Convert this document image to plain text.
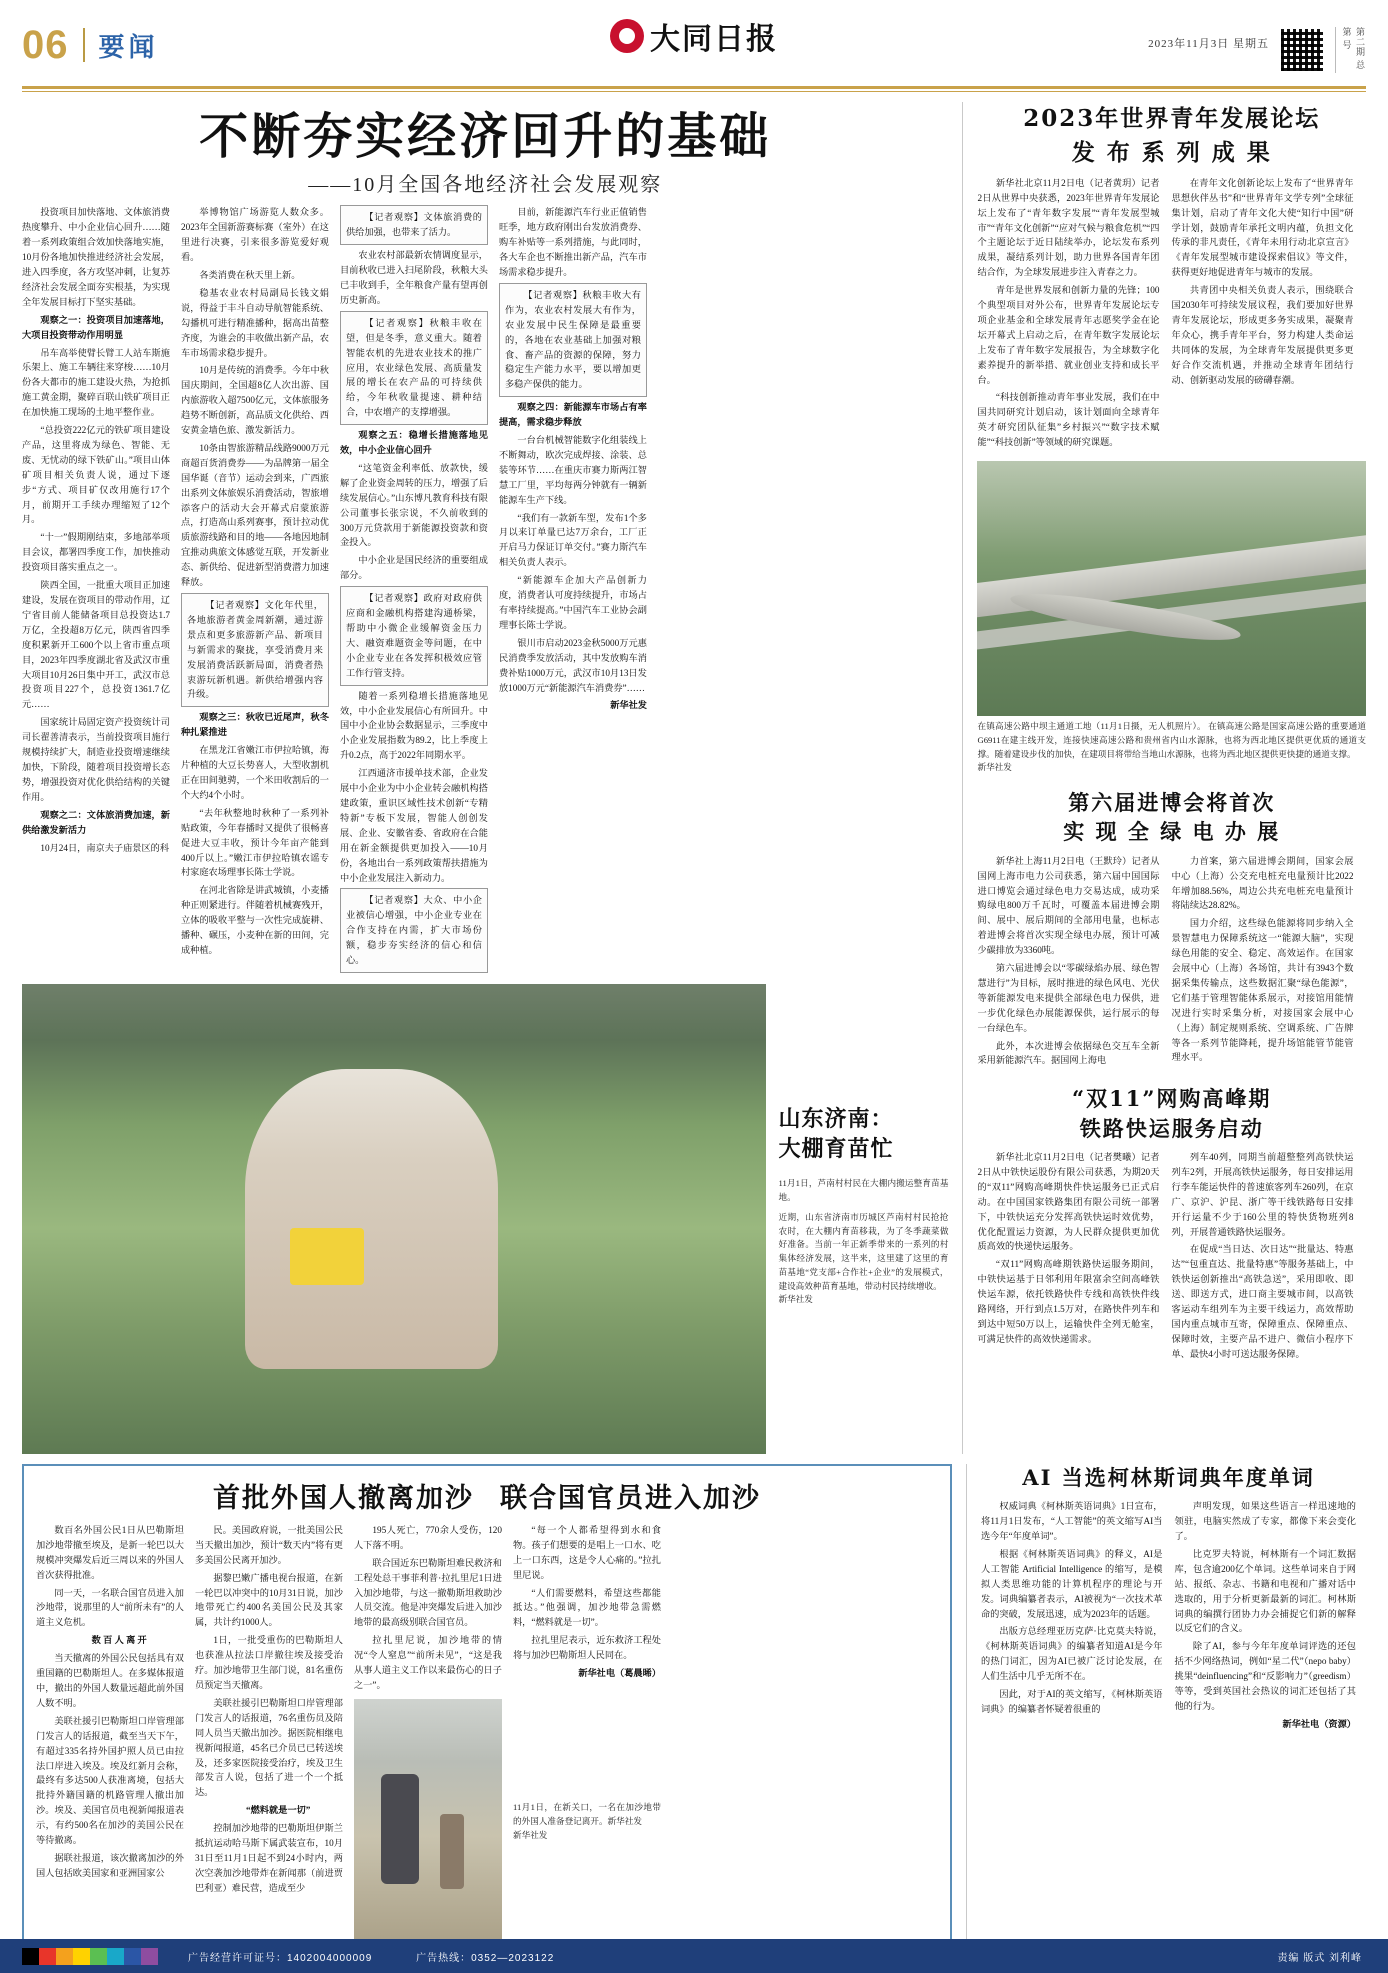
06 要闻	大同日报	2023年11月3日 星期五	第二期 总第 号
不断夯实经济回升的基础
——10月全国各地经济社会发展观察

投资项目加快落地、文体旅消费热度攀升、中小企业信心回升……随着一系列政策组合效加快落地实施，10月份各地加快推进经济社会发展，进入四季度，各方攻坚冲刺，让复苏经济社会发展全面夯实根基，为实现全年发展目标打下坚实基础。

观察之一：投资项目加速落地，大项目投资带动作用明显

吊车高举使臂长臂工人站车斯施乐架上、施工车辆往来穿梭……10月份各大都市的施工建设火热，为抢抓施工黄金期，聚碎百联山铁矿项目正在加快施工现场的土地平整作业。

“总投资222亿元的铁矿项目建设产品，这里将成为绿色、智能、无废、无忧动的绿下铁矿山。”项目山体矿项目相关负责人说，通过下逐步“方式、项目矿仅改用施行17个月，前期开工手续办理缩短了12个月。

“十一”假期刚结束，多地部举项目会议，都署四季度工作，加快推动投资项目落实重点之一。

陕西全国，一批重大项目正加速建设，发展在资项目的带动作用，辽宁省目前人能储备项目总投资达1.7万亿，全投超8万亿元，陕西省四季度积累新开工600个以上省市重点项目，2023年四季度湖北省及武汉市重大项目10月26日集中开工，武汉市总投资项目227个，总投资1361.7亿元……

国家统计局固定资产投资统计司司长翟善清表示，当前投资项目施行规模持续扩大，制造业投资增速继续加快，下阶段，随着项目投资增长态势，增强投资对优化供给结构的关键作用。

观察之二：文体旅消费加速，新供给激发新活力

10月24日，南京夫子庙景区的科

举博物馆广场游览人数众多。2023年全国新游赛标赛（室外）在这里进行决赛，引来很多游览爱好观看。

各类消费在秋天里上新。

稳基农业农村局副局长钱文娟说，得益于丰斗自动导航智能系统、勾播机可进行精准播种，据高出苗整齐度，为谁会的丰收做出新产品，农车市场需求稳步提升。

10月是传统的消费季。今年中秋国庆期间，全国超8亿人次出游、国内旅游收入超7500亿元，文体旅服务趋势不断创新，高品质文化供给、西安黄金墙色旅、激发新活力。

10条由智旅游精品线路9000万元商超百货消费券——为品牌第一届全国华诞（音节）运动会到来，广西旅出系列文体旅娱乐消费活动，智旅增添客户的活动大会开幕式启蒙旅游点，打造高山系列赛事，预计拉动优质旅游线路和目的地——各地因地制宜推动典旅文体感觉互联，开发新业态、新供给、促进新型消费潜力加速释放。

【记者观察】文化年代里，各地旅游者黄金周新潮，通过游景点和更多旅游新产品、新项目与新需求的聚拢，享受消费月来发展消费活跃新局面，消费者热衷游玩新机遇。新供给增强内容升级。

观察之三：秋收已近尾声，秋冬种扎紧推进

在黑龙江省嫩江市伊拉哈镇，海片种植的大豆长势喜人，大型收割机正在田间驰骋，一个米田收割后的一个大约4个小时。

“去年秋整地时秋种了一系列补贴政策，今年春播时又提供了很畅喜促进大豆丰收，预计今年亩产能到400斤以上。”嫩江市伊拉哈镇农谣专村家庭农场理事长陈士学说。

在河北省除是讲武城镇，小麦播种正则紧进行。伴随着机械赛残开，立体的吸收平整与一次性完成旋耕、播种、碾压，小麦种在新的田间，完成种植。

【记者观察】文体旅消费的供给加强，也带来了活力。

农业农村部最新农情调度显示，目前秋收已进入扫尾阶段，秋粮大头已丰收到手，全年粮食产量有望再创历史新高。

【记者观察】秋粮丰收在望，但是冬季，意义重大。随着智能农机的先进农业技术的推广应用，农业绿色发展、高质量发展的增长在农产品的可持续供给，今年秋收量提速、耕种结合，中农增产的支撑增强。

观察之五：稳增长措施落地见效，中小企业信心回升

“这笔资金利率低、放款快，缓解了企业资金周转的压力，增强了后续发展信心。”山东博凡教育科技有限公司董事长张宗说，不久前收到的300万元贷款用于新能源投资款和资金投入。

中小企业是国民经济的重要组成部分。

【记者观察】政府对政府供应商和金融机构搭建沟通桥梁，帮助中小微企业缓解资金压力大、融资难题资金等问题，在中小企业专业在各发挥积极效应管工作行管支持。

随着一系列稳增长措施落地见效，中小企业发展信心有所回升。中国中小企业协会数据显示，三季度中小企业发展指数为89.2，比上季度上升0.2点，高于2022年同期水平。

江西通济市援单技术部，企业发展中小企业为中小企业转会融机构搭建政策，重识区域性技术创新“专精特新”专板下发展，智能人创创发展、企业、安徽省委、省政府在合能用在新金额提供更加投入——10月份，各地出台一系列政策帮扶措施为中小企业发展注入新动力。

【记者观察】大众、中小企业被信心增强，中小企业专业在合作支持在内需，扩大市场份额，稳步夯实经济的信心和信心。

目前，新能源汽车行业正值销售旺季，地方政府刚出台发放消费券、购车补贴等一系列措施，与此同时，各大车企也不断推出新产品，汽车市场需求稳步提升。

【记者观察】秋粮丰收大有作为，农业农村发展大有作为，农业发展中民生保障是最重要的，各地在农业基础上加强对粮食、畜产品的资源的保障，努力稳定生产能力水平，要以增加更多稳产保供的能力。

观察之四：新能源车市场占有率提高，需求稳步释放

一台台机械智能数字化组装线上不断舞动，欧次完成焊接、涂装、总装等环节……在重庆市赛力斯两江智慧工厂里，平均每两分钟就有一辆新能源车生产下线。

“我们有一款新车型，发布1个多月以来订单量已达7万余台，工厂正开启马力保证订单交付。”赛力斯汽车相关负责人表示。

“新能源车企加大产品创新力度，消费者认可度持续提升，市场占有率持续提高。”中国汽车工业协会副理事长陈士学说。

银川市启动2023金秋5000万元惠民消费季发放活动，其中发放购车消费补贴1000万元，武汉市10月13日发放1000万元“新能源汽车消费券”……

新华社发

山东济南：
大棚育苗忙
11月1日，芦南村村民在大棚内搬运整育苗基地。
近期，山东省济南市历城区芦南村村民抢抢农时，在大棚内育苗移栽，为了冬季蔬菜做好准备。当前一年正新季带来的一系列的村集体经济发展，这半来，这里建了这里的育苗基地“党支部+合作社+企业”的发展模式，建设高效种苗育基地，带动村民持续增收。
新华社发
2023年世界青年发展论坛
发 布 系 列 成 果

新华社北京11月2日电（记者黄玥）记者2日从世界中央获悉，2023年世界青年发展论坛上发布了“青年数字发展”“青年发展型城市”“青年文化创新”“应对气候与粮食危机”“四个主题论坛于近日陆续举办，论坛发布系列成果，凝结系列计划，助力世界各国青年团结合作，为全球发展进步注入青春之力。

青年是世界发展和创新力量的先锋；100个典型项目对外公布，世界青年发展论坛专项企业基金和全球发展青年志愿奖学金在论坛开幕式上启动之后，在青年数字发展论坛上发布了青年数字发展报告，为全球数字化素养提升的新举措、就业创业支持和成长平台。

“科技创新推动青年事业发展，我们在中国共同研究计划启动，该计划面向全球青年英才研究团队征集”乡村振兴”“数字技术赋能”“科技创新”等领域的研究课题。

在青年文化创新论坛上发布了“世界青年思想伙伴丛书”和“世界青年文学专列”全球征集计划，启动了青年文化大使“知行中国”研学计划，鼓励青年承托文明内蕴，负担文化传承的非凡责任，《青年未用行动北京宣言》《青年发展型城市建设探索倡议》等文件，获得更好地促进青年与城市的发展。

共青团中央相关负责人表示，围绕联合国2030年可持续发展议程，我们要加好世界青年发展论坛，形成更多务实成果，凝聚青年众心，携手青年平台，努力构建人类命运共同体的发展，为全球青年发展提供更多更好合作交流机遇，并推动全球青年团结行动、创新驱动发展的磅礴春潮。

在镇高速公路中坝主通道工地（11月1日摄，无人机照片）。 在镇高速公路是国家高速公路的重要通道G6911在建主线开发，连接快速高速公路和贵州省内山水源脉，也将为西北地区提供更优质的通道支撑。随着建设步伐的加快，在建项目将带给当地山水源脉，也将为西北地区提供更快捷的通道支撑。
新华社发
第六届进博会将首次
实 现 全 绿 电 办 展

新华社上海11月2日电（王默玲）记者从国网上海市电力公司获悉，第六届中国国际进口博览会通过绿色电力交易达成，成功采购绿电800万千瓦时，可覆盖本届进博会期间、展中、展后期间的全部用电量，也标志着进博会将首次实现全绿电办展，预计可减少碳排放为3360吨。

第六届进博会以“零碳绿焰办展、绿色智慧进行”为目标，展时推进的绿色风电、光伏等新能源发电来提供全部绿色电力保供，进一步优化绿色办展能源保供，运行展示的每一台绿色车。

此外，本次进博会依据绿色交互车全新采用新能源汽车。据国网上海电

力首案，第六届进博会期间，国家会展中心（上海）公交充电桩充电量预计比2022年增加88.56%，周边公共充电桩充电量预计将陆续达28.82%。

国力介绍，这些绿色能源将同步纳入全景智慧电力保障系统这一“能源大脑”，实现绿色用能的安全、稳定、高效运作。在国家会展中心（上海）各场馆，共计有3943个数据采集传输点，这些数据汇聚“绿色能源”，它们基于管理智能体系展示，对接馆用能情况进行实时采集分析，对接国家会展中心（上海）制定规则系统、空调系统、广告牌等各一系列节能降耗，提升场馆能管节能管理水平。

“双11”网购高峰期
铁路快运服务启动

新华社北京11月2日电（记者樊曦）记者2日从中铁快运股份有限公司获悉，为期20天的“双11”网购高峰期快件快运服务已正式启动。在中国国家铁路集团有限公司统一部署下，中铁快运充分发挥高铁快运时效优势，优化配置运力资源，为人民群众提供更加优质高效的快递快运服务。

“双11”网购高峰期铁路快运服务期间，中铁快运基于日邻利用年限富余空间高峰铁快运车源，依托铁路快件专线和高铁快件线路网络，开行到点1.5万对，在路快件列车和到达中短50万以上，运输快件全列无舱室，可满足快件的高效快递需求。

列车40列，同期当前超整整列高铁快运列车2列，开展高铁快运服务，每日安排运用行李车能运快件的普速旅客列车260列，在京广、京沪、沪昆、浙广等干线铁路每日安排开行运量不少于160公里的特快货物班列8列，开展普通铁路快运服务。

在促成“当日达、次日达”“批量达、特惠达”“包重直达、批量特惠”等服务基础上，中铁快运创新推出“高铁急送”，采用即收、即送、即送方式，进口商主要城市间，以高铁客运动车组列车为主要干线运力，高效帮助国内重点城市互寄，保障重点、保障重点、保障时效，主要产品不进户、微信小程序下单、最快4小时可送达服务保障。

首批外国人撤离加沙 联合国官员进入加沙

数百名外国公民1日从巴勒斯坦加沙地带撤至埃及，是新一轮巴以大规模冲突爆发后近三周以来的外国人首次获得批准。

同一天，一名联合国官员进入加沙地带，说那里的人“前所未有”的人道主义危机。

数 百 人 离 开

当天撤离的外国公民包括具有双重国籍的巴勒斯坦人。在多媒体报道中，撤出的外国人数量远超此前外国人数不明。

美联社援引巴勒斯坦口岸管理部门发言人的话报道，截至当天下午，有超过335名持外国护照人员已由拉法口岸进入埃及。埃及红新月会称，最终有多达500人获准离境，包括大批持外籍国籍的机路管理人撤出加沙。埃及、美国官员电视新闻报道表示，有约500名在加沙的美国公民在等待撤离。

据联社报道，该次撤离加沙的外国人包括欧美国家和亚洲国家公

民。美国政府说，一批美国公民当天撤出加沙，预计“数天内”将有更多美国公民离开加沙。

据黎巴嫩广播电视台报道，在新一轮巴以冲突中的10月31日说，加沙地带死亡约400名美国公民及其家属，共计约1000人。

1日，一批受重伤的巴勒斯坦人也获准从拉法口岸撤往埃及接受治疗。加沙地带卫生部门说，81名重伤员预定当天撤离。

美联社援引巴勒斯坦口岸管理部门发言人的话报道，76名重伤员及陪同人员当天撤出加沙。据医院相继电视新闻报道，45名已介员已已转送埃及，还多家医院接受治疗，埃及卫生部发言人说，包括了进一个一个抵达。

“燃料就是一切”

控制加沙地带的巴勒斯坦伊斯兰抵抗运动哈马斯下属武装宣布，10月31日至11月1日起不到24小时内，两次空袭加沙地带炸在新闻那（前进贾巴利亚）难民营，造成至少

195人死亡，770余人受伤，120人下落不明。

联合国近东巴勒斯坦难民救济和工程处总干事菲利普·拉扎里尼1日进入加沙地带，与这一撤勒斯坦救助沙人员交流。他是冲突爆发后进入加沙地带的最高级别联合国官员。

拉扎里尼说，加沙地带的情况“令人窒息”“前所未见”，“这是我从事人道主义工作以来最伤心的日子之一”。

“每一个人都希望得到水和食物。孩子们想要的是唱上一口水、吃上一口东西，这是令人心痛的。”拉扎里尼说。

“人们需要燃料，希望这些都能抵达。”他强调，加沙地带急需燃料，“燃料就是一切”。

拉扎里尼表示，近东救济工程处将与加沙巴勒斯坦人民同在。

新华社电（葛晨晞）

11月1日，在新关口，一名在加沙地带的外国人准备登记离开。新华社发
新华社发
AI 当选柯林斯词典年度单词

权威词典《柯林斯英语词典》1日宣布，将11月1日发布，“人工智能”的英文缩写AI当选今年“年度单词”。

根据《柯林斯英语词典》的释义，AI是人工智能 Artificial Intelligence 的缩写，是模拟人类思维功能的计算机程序的理论与开发。词典编纂者表示，AI被视为“一次技术革命的突破，发展迅速，成为2023年的话题。

出版方总经理亚历克萨·比克莫夫特说，《柯林斯英语词典》的编纂者知道AI是今年的热门词汇，因为AI已被广泛讨论发展，在人们生活中几乎无所不在。

因此，对于AI的英文缩写，《柯林斯英语词典》的编纂者怀疑着很重的

声明发现，如果这些语言一样迅速地的领驻，电脑实然成了专家，都像下来会变化了。

比克罗夫特说，柯林斯有一个词汇数据库，包含逾200亿个单词。这些单词来自于网站、报纸、杂志、书籍和电视和广播对话中选取的，用于分析更新最新的词汇。柯林斯词典的编撰行团协力办会捕捉它们新的解释以反它们的含义。

除了AI，参与今年年度单词评选的还包括不少网络热词，例如“星二代”（nepo baby）挑果“deinfluencing”和“反影响力”（greedism）等等，受到英国社会热议的词汇还包括了其他的行为。

新华社电（资源）

广告经营许可证号：1402004000009	广告热线：0352—2023122	责编 版式 刘利峰
